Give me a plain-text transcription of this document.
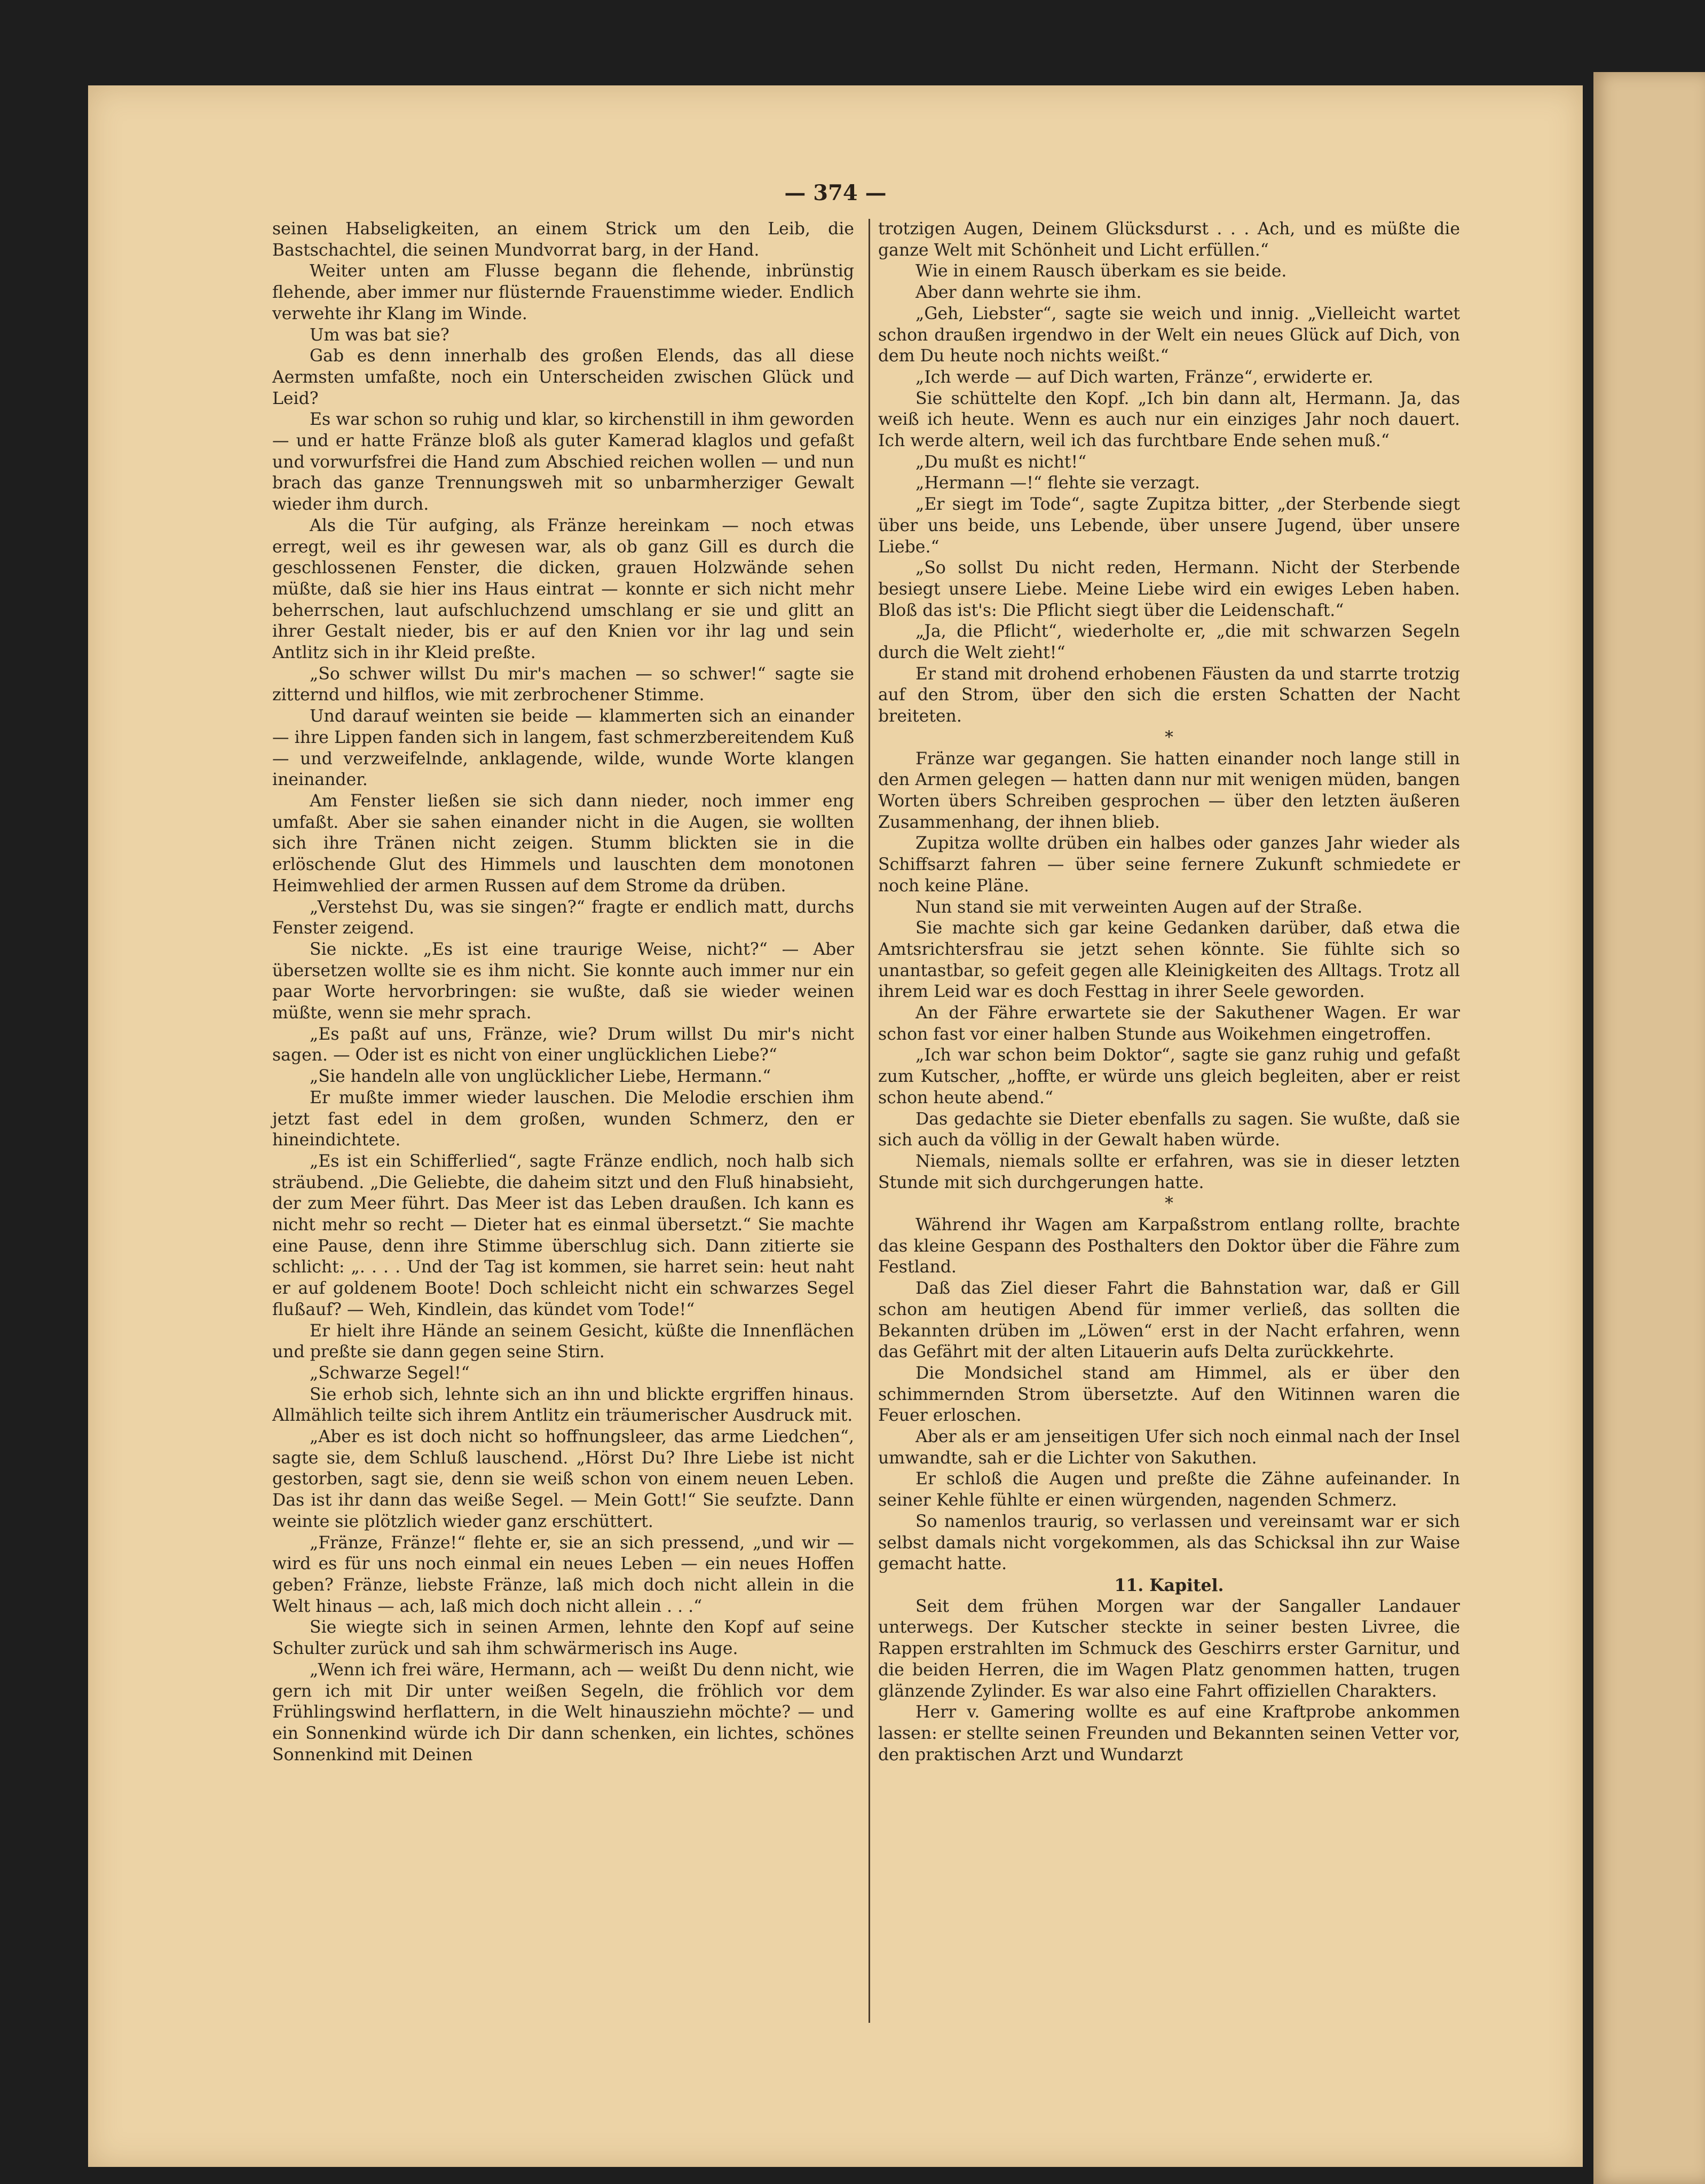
— 374 —

seinen Habseligkeiten, an einem Strick um den Leib, die Bastschachtel, die seinen Mundvorrat barg, in der Hand.

Weiter unten am Flusse begann die flehende, inbrünstig flehende, aber immer nur flüsternde Frauenstimme wieder. Endlich verwehte ihr Klang im Winde.

Um was bat sie?

Gab es denn innerhalb des großen Elends, das all diese Aermsten umfaßte, noch ein Unterscheiden zwischen Glück und Leid?

Es war schon so ruhig und klar, so kirchenstill in ihm geworden — und er hatte Fränze bloß als guter Kamerad klaglos und gefaßt und vorwurfsfrei die Hand zum Abschied reichen wollen — und nun brach das ganze Trennungsweh mit so unbarmherziger Gewalt wieder ihm durch.

Als die Tür aufging, als Fränze hereinkam — noch etwas erregt, weil es ihr gewesen war, als ob ganz Gill es durch die geschlossenen Fenster, die dicken, grauen Holzwände sehen müßte, daß sie hier ins Haus eintrat — konnte er sich nicht mehr beherrschen, laut aufschluchzend umschlang er sie und glitt an ihrer Gestalt nieder, bis er auf den Knien vor ihr lag und sein Antlitz sich in ihr Kleid preßte.

„So schwer willst Du mir's machen — so schwer!“ sagte sie zitternd und hilflos, wie mit zerbrochener Stimme.

Und darauf weinten sie beide — klammerten sich an einander — ihre Lippen fanden sich in langem, fast schmerzbereitendem Kuß — und verzweifelnde, anklagende, wilde, wunde Worte klangen ineinander.

Am Fenster ließen sie sich dann nieder, noch immer eng umfaßt. Aber sie sahen einander nicht in die Augen, sie wollten sich ihre Tränen nicht zeigen. Stumm blickten sie in die erlöschende Glut des Himmels und lauschten dem monotonen Heimwehlied der armen Russen auf dem Strome da drüben.

„Verstehst Du, was sie singen?“ fragte er endlich matt, durchs Fenster zeigend.

Sie nickte. „Es ist eine traurige Weise, nicht?“ — Aber übersetzen wollte sie es ihm nicht. Sie konnte auch immer nur ein paar Worte hervorbringen: sie wußte, daß sie wieder weinen müßte, wenn sie mehr sprach.

„Es paßt auf uns, Fränze, wie? Drum willst Du mir's nicht sagen. — Oder ist es nicht von einer unglücklichen Liebe?“

„Sie handeln alle von unglücklicher Liebe, Hermann.“

Er mußte immer wieder lauschen. Die Melodie erschien ihm jetzt fast edel in dem großen, wunden Schmerz, den er hineindichtete.

„Es ist ein Schifferlied“, sagte Fränze endlich, noch halb sich sträubend. „Die Geliebte, die daheim sitzt und den Fluß hinabsieht, der zum Meer führt. Das Meer ist das Leben draußen. Ich kann es nicht mehr so recht — Dieter hat es einmal übersetzt.“ Sie machte eine Pause, denn ihre Stimme überschlug sich. Dann zitierte sie schlicht: „. . . . Und der Tag ist kommen, sie harret sein: heut naht er auf goldenem Boote! Doch schleicht nicht ein schwarzes Segel flußauf? — Weh, Kindlein, das kündet vom Tode!“

Er hielt ihre Hände an seinem Gesicht, küßte die Innenflächen und preßte sie dann gegen seine Stirn.

„Schwarze Segel!“

Sie erhob sich, lehnte sich an ihn und blickte ergriffen hinaus. Allmählich teilte sich ihrem Antlitz ein träumerischer Ausdruck mit.

„Aber es ist doch nicht so hoffnungsleer, das arme Liedchen“, sagte sie, dem Schluß lauschend. „Hörst Du? Ihre Liebe ist nicht gestorben, sagt sie, denn sie weiß schon von einem neuen Leben. Das ist ihr dann das weiße Segel. — Mein Gott!“ Sie seufzte. Dann weinte sie plötzlich wieder ganz erschüttert.

„Fränze, Fränze!“ flehte er, sie an sich pressend, „und wir — wird es für uns noch einmal ein neues Leben — ein neues Hoffen geben? Fränze, liebste Fränze, laß mich doch nicht allein in die Welt hinaus — ach, laß mich doch nicht allein . . .“

Sie wiegte sich in seinen Armen, lehnte den Kopf auf seine Schulter zurück und sah ihm schwärmerisch ins Auge.

„Wenn ich frei wäre, Hermann, ach — weißt Du denn nicht, wie gern ich mit Dir unter weißen Segeln, die fröhlich vor dem Frühlingswind herflattern, in die Welt hinausziehn möchte? — und ein Sonnenkind würde ich Dir dann schenken, ein lichtes, schönes Sonnenkind mit Deinen

trotzigen Augen, Deinem Glücksdurst . . . Ach, und es müßte die ganze Welt mit Schönheit und Licht erfüllen.“

Wie in einem Rausch überkam es sie beide.

Aber dann wehrte sie ihm.

„Geh, Liebster“, sagte sie weich und innig. „Vielleicht wartet schon draußen irgendwo in der Welt ein neues Glück auf Dich, von dem Du heute noch nichts weißt.“

„Ich werde — auf Dich warten, Fränze“, erwiderte er.

Sie schüttelte den Kopf. „Ich bin dann alt, Hermann. Ja, das weiß ich heute. Wenn es auch nur ein einziges Jahr noch dauert. Ich werde altern, weil ich das furchtbare Ende sehen muß.“

„Du mußt es nicht!“

„Hermann —!“ flehte sie verzagt.

„Er siegt im Tode“, sagte Zupitza bitter, „der Sterbende siegt über uns beide, uns Lebende, über unsere Jugend, über unsere Liebe.“

„So sollst Du nicht reden, Hermann. Nicht der Sterbende besiegt unsere Liebe. Meine Liebe wird ein ewiges Leben haben. Bloß das ist's: Die Pflicht siegt über die Leidenschaft.“

„Ja, die Pflicht“, wiederholte er, „die mit schwarzen Segeln durch die Welt zieht!“

Er stand mit drohend erhobenen Fäusten da und starrte trotzig auf den Strom, über den sich die ersten Schatten der Nacht breiteten.

*

Fränze war gegangen. Sie hatten einander noch lange still in den Armen gelegen — hatten dann nur mit wenigen müden, bangen Worten übers Schreiben gesprochen — über den letzten äußeren Zusammenhang, der ihnen blieb.

Zupitza wollte drüben ein halbes oder ganzes Jahr wieder als Schiffsarzt fahren — über seine fernere Zukunft schmiedete er noch keine Pläne.

Nun stand sie mit verweinten Augen auf der Straße.

Sie machte sich gar keine Gedanken darüber, daß etwa die Amtsrichtersfrau sie jetzt sehen könnte. Sie fühlte sich so unantastbar, so gefeit gegen alle Kleinigkeiten des Alltags. Trotz all ihrem Leid war es doch Festtag in ihrer Seele geworden.

An der Fähre erwartete sie der Sakuthener Wagen. Er war schon fast vor einer halben Stunde aus Woikehmen eingetroffen.

„Ich war schon beim Doktor“, sagte sie ganz ruhig und gefaßt zum Kutscher, „hoffte, er würde uns gleich begleiten, aber er reist schon heute abend.“

Das gedachte sie Dieter ebenfalls zu sagen. Sie wußte, daß sie sich auch da völlig in der Gewalt haben würde.

Niemals, niemals sollte er erfahren, was sie in dieser letzten Stunde mit sich durchgerungen hatte.

*

Während ihr Wagen am Karpaßstrom entlang rollte, brachte das kleine Gespann des Posthalters den Doktor über die Fähre zum Festland.

Daß das Ziel dieser Fahrt die Bahnstation war, daß er Gill schon am heutigen Abend für immer verließ, das sollten die Bekannten drüben im „Löwen“ erst in der Nacht erfahren, wenn das Gefährt mit der alten Litauerin aufs Delta zurückkehrte.

Die Mondsichel stand am Himmel, als er über den schimmernden Strom übersetzte. Auf den Witinnen waren die Feuer erloschen.

Aber als er am jenseitigen Ufer sich noch einmal nach der Insel umwandte, sah er die Lichter von Sakuthen.

Er schloß die Augen und preßte die Zähne aufeinander. In seiner Kehle fühlte er einen würgenden, nagenden Schmerz.

So namenlos traurig, so verlassen und vereinsamt war er sich selbst damals nicht vorgekommen, als das Schicksal ihn zur Waise gemacht hatte.

11. Kapitel.

Seit dem frühen Morgen war der Sangaller Landauer unterwegs. Der Kutscher steckte in seiner besten Livree, die Rappen erstrahlten im Schmuck des Geschirrs erster Garnitur, und die beiden Herren, die im Wagen Platz genommen hatten, trugen glänzende Zylinder. Es war also eine Fahrt offiziellen Charakters.

Herr v. Gamering wollte es auf eine Kraftprobe ankommen lassen: er stellte seinen Freunden und Bekannten seinen Vetter vor, den praktischen Arzt und Wundarzt
